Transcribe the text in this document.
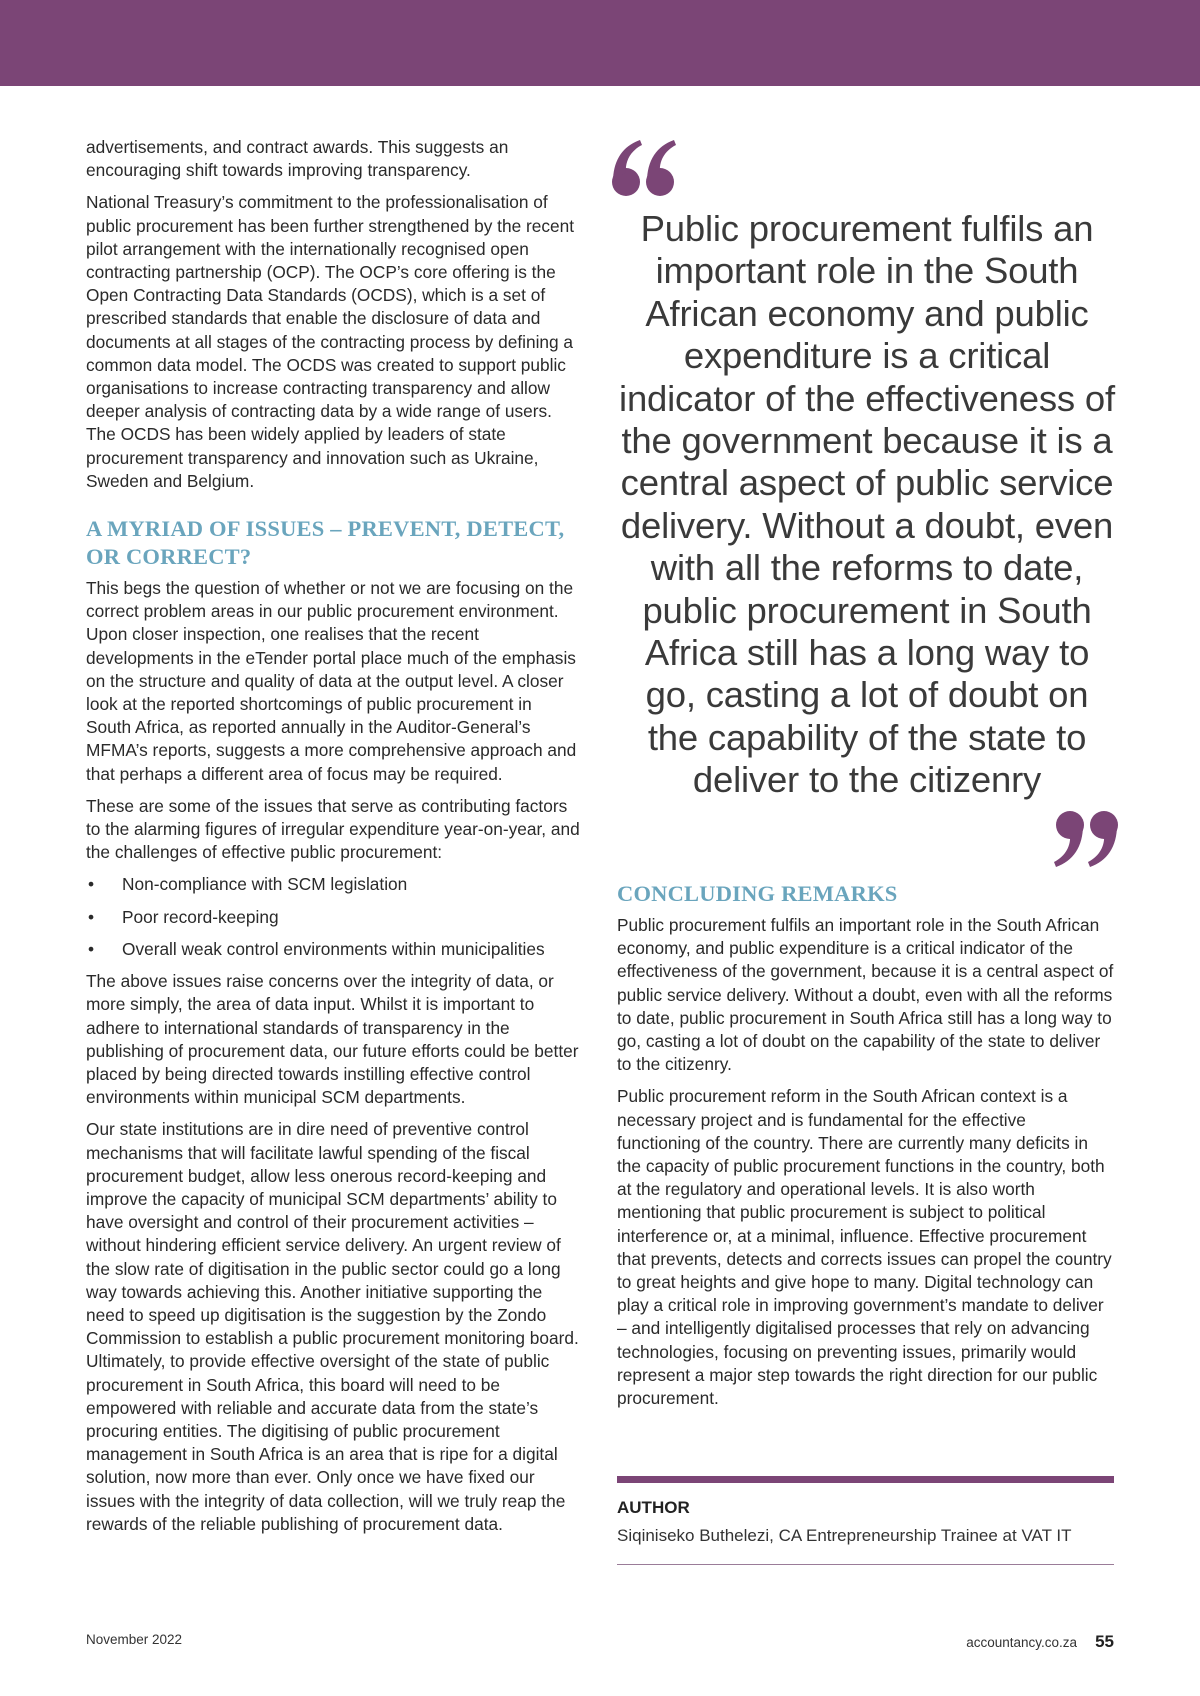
advertisements, and contract awards. This suggests an encouraging shift towards improving transparency.

National Treasury’s commitment to the professionalisation of public procurement has been further strengthened by the recent pilot arrangement with the internationally recognised open contracting partnership (OCP). The OCP’s core offering is the Open Contracting Data Standards (OCDS), which is a set of prescribed standards that enable the disclosure of data and documents at all stages of the contracting process by defining a common data model. The OCDS was created to support public organisations to increase contracting transparency and allow deeper analysis of contracting data by a wide range of users. The OCDS has been widely applied by leaders of state procurement transparency and innovation such as Ukraine, Sweden and Belgium.

A MYRIAD OF ISSUES – PREVENT, DETECT, OR CORRECT?

This begs the question of whether or not we are focusing on the correct problem areas in our public procurement environment. Upon closer inspection, one realises that the recent developments in the eTender portal place much of the emphasis on the structure and quality of data at the output level. A closer look at the reported shortcomings of public procurement in South Africa, as reported annually in the Auditor-General’s MFMA’s reports, suggests a more comprehensive approach and that perhaps a different area of focus may be required.

These are some of the issues that serve as contributing factors to the alarming figures of irregular expenditure year-on-year, and the challenges of effective public procurement:

• Non-compliance with SCM legislation
• Poor record-keeping
• Overall weak control environments within municipalities

The above issues raise concerns over the integrity of data, or more simply, the area of data input. Whilst it is important to adhere to international standards of transparency in the publishing of procurement data, our future efforts could be better placed by being directed towards instilling effective control environments within municipal SCM departments.

Our state institutions are in dire need of preventive control mechanisms that will facilitate lawful spending of the fiscal procurement budget, allow less onerous record-keeping and improve the capacity of municipal SCM departments’ ability to have oversight and control of their procurement activities – without hindering efficient service delivery. An urgent review of the slow rate of digitisation in the public sector could go a long way towards achieving this. Another initiative supporting the need to speed up digitisation is the suggestion by the Zondo Commission to establish a public procurement monitoring board. Ultimately, to provide effective oversight of the state of public procurement in South Africa, this board will need to be empowered with reliable and accurate data from the state’s procuring entities. The digitising of public procurement management in South Africa is an area that is ripe for a digital solution, now more than ever. Only once we have fixed our issues with the integrity of data collection, will we truly reap the rewards of the reliable publishing of procurement data.

Public procurement fulfils an important role in the South African economy and public expenditure is a critical indicator of the effectiveness of the government because it is a central aspect of public service delivery. Without a doubt, even with all the reforms to date, public procurement in South Africa still has a long way to go, casting a lot of doubt on the capability of the state to deliver to the citizenry
CONCLUDING REMARKS

Public procurement fulfils an important role in the South African economy, and public expenditure is a critical indicator of the effectiveness of the government, because it is a central aspect of public service delivery. Without a doubt, even with all the reforms to date, public procurement in South Africa still has a long way to go, casting a lot of doubt on the capability of the state to deliver to the citizenry.

Public procurement reform in the South African context is a necessary project and is fundamental for the effective functioning of the country. There are currently many deficits in the capacity of public procurement functions in the country, both at the regulatory and operational levels. It is also worth mentioning that public procurement is subject to political interference or, at a minimal, influence. Effective procurement that prevents, detects and corrects issues can propel the country to great heights and give hope to many. Digital technology can play a critical role in improving government’s mandate to deliver – and intelligently digitalised processes that rely on advancing technologies, focusing on preventing issues, primarily would represent a major step towards the right direction for our public procurement.

AUTHOR
Siqiniseko Buthelezi, CA Entrepreneurship Trainee at VAT IT
November 2022	accountancy.co.za 55
